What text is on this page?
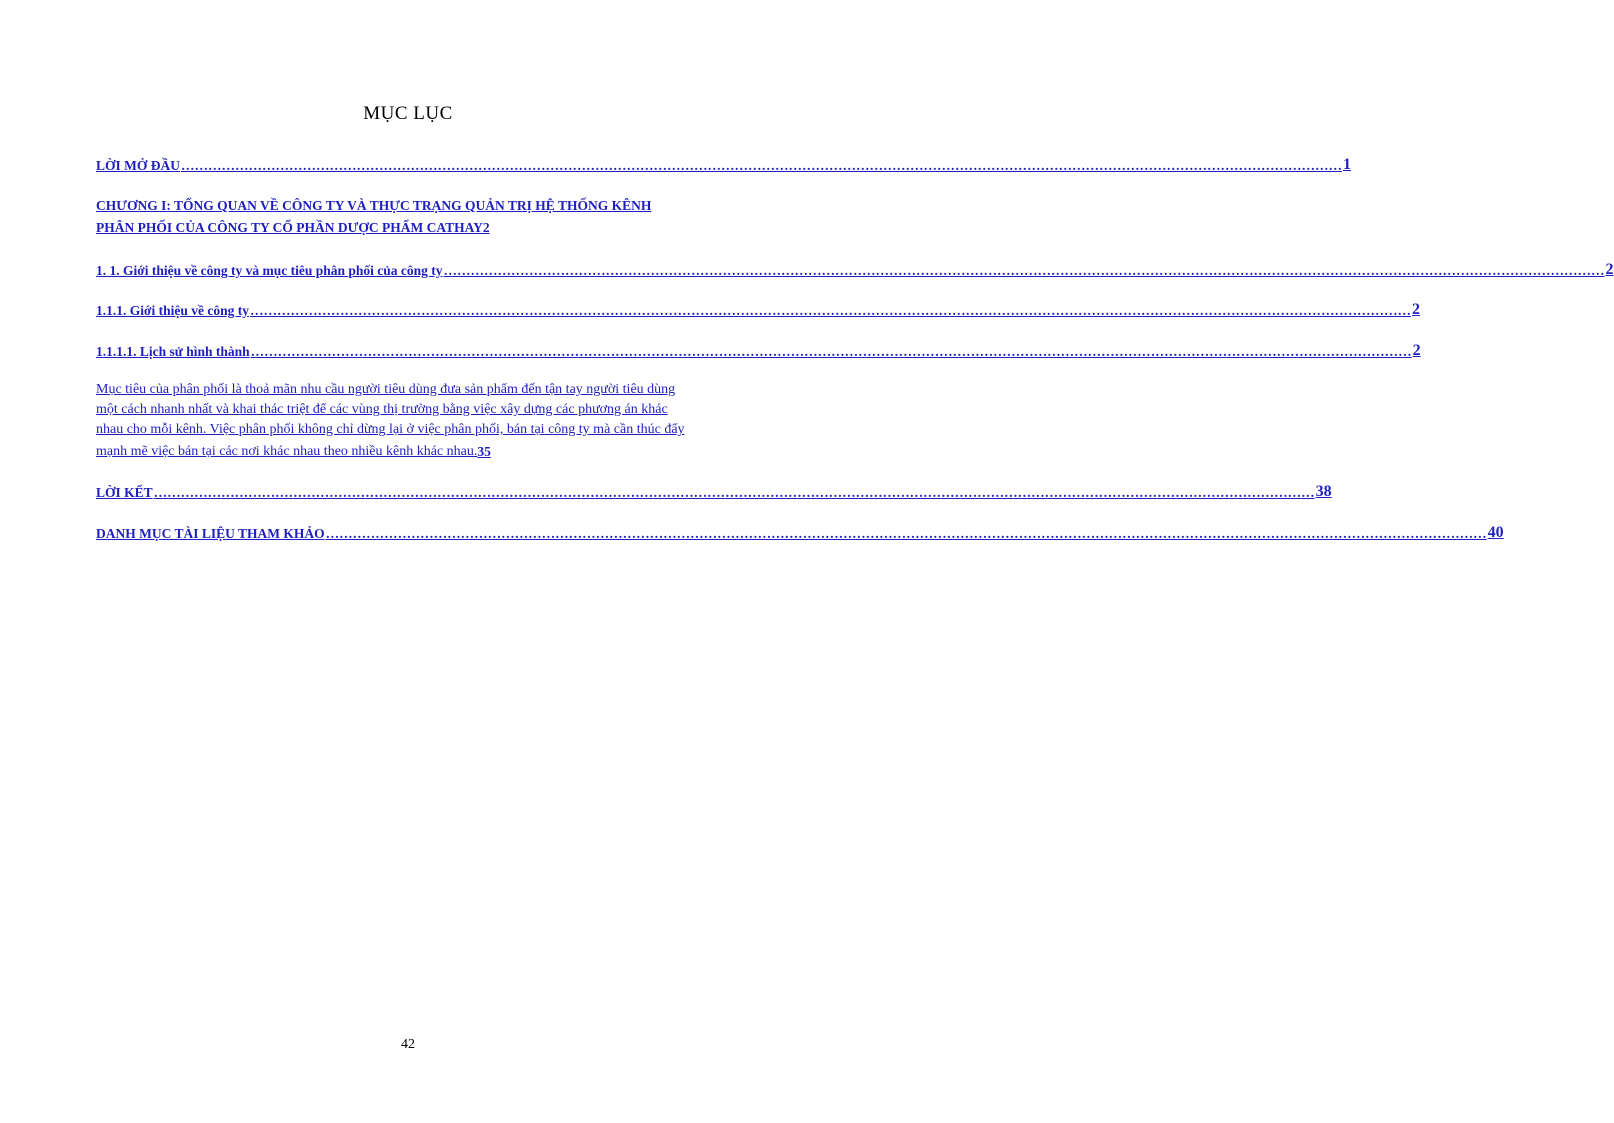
MỤC LỤC
LỜI MỞ ĐẦU ……………………………………………………………………………………………………………………………………………………………………………………………………………………………………	1
CHƯƠNG I: TỔNG QUAN VỀ CÔNG TY VÀ THỰC TRẠNG QUẢN TRỊ HỆ THỐNG KÊNH
PHÂN PHỐI CỦA CÔNG TY CỔ PHẦN DƯỢC PHẨM CATHAY 2
1. 1. Giới thiệu về công ty và mục tiêu phân phối của công ty ……………………………………………………………………………………………………………………………………………………………………………………………………………………………………	2
1.1.1. Giới thiệu về công ty ……………………………………………………………………………………………………………………………………………………………………………………………………………………………………	2
1.1.1.1. Lịch sử hình thành ……………………………………………………………………………………………………………………………………………………………………………………………………………………………………	2
Mục tiêu của phân phối là thoả mãn nhu cầu người tiêu dùng đưa sản phẩm đến tận tay người tiêu dùng
một cách nhanh nhất và khai thác triệt để các vùng thị trường bằng việc xây dựng các phương án khác
nhau cho mỗi kênh. Việc phân phối không chỉ dừng lại ở việc phân phối, bán tại công ty mà cần thúc đẩy
mạnh mẽ việc bán tại các nơi khác nhau theo nhiều kênh khác nhau. 35
LỜI KẾT ……………………………………………………………………………………………………………………………………………………………………………………………………………………………………	38
DANH MỤC TÀI LIỆU THAM KHẢO ……………………………………………………………………………………………………………………………………………………………………………………………………………………………………	40
42
